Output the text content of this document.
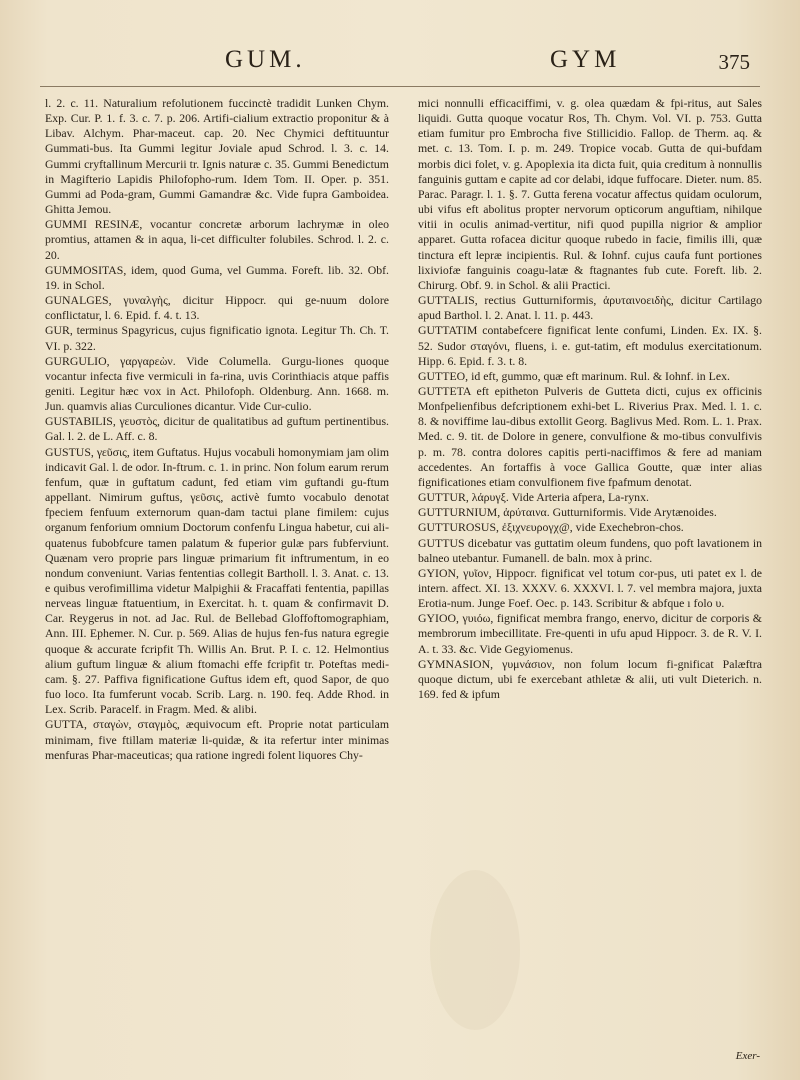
GUM.	GYM	375

l. 2. c. 11. Naturalium refolutionem fuccinctè tradidit Lunken Chym. Exp. Cur. P. 1. f. 3. c. 7. p. 206. Artifi-cialium extractio proponitur & à Libav. Alchym. Phar-maceut. cap. 20. Nec Chymici deftituuntur Gummati-bus. Ita Gummi legitur Joviale apud Schrod. l. 3. c. 14. Gummi cryftallinum Mercurii tr. Ignis naturæ c. 35. Gummi Benedictum in Magifterio Lapidis Philofopho-rum. Idem Tom. II. Oper. p. 351. Gummi ad Poda-gram, Gummi Gamandræ &c. Vide fupra Gamboidea. Ghitta Jemou.

GUMMI RESINÆ, vocantur concretæ arborum lachrymæ in oleo promtius, attamen & in aqua, li-cet difficulter folubiles. Schrod. l. 2. c. 20.

GUMMOSITAS, idem, quod Guma, vel Gumma. Foreft. lib. 32. Obf. 19. in Schol.

GUNALGES, γυναλγὴς, dicitur Hippocr. qui ge-nuum dolore conflictatur, l. 6. Epid. f. 4. t. 13.

GUR, terminus Spagyricus, cujus fignificatio ignota. Legitur Th. Ch. T. VI. p. 322.

GURGULIO, γαργαρεὼν. Vide Columella. Gurgu-liones quoque vocantur infecta five vermiculi in fa-rina, uvis Corinthiacis atque paffis geniti. Legitur hæc vox in Act. Philofoph. Oldenburg. Ann. 1668. m. Jun. quamvis alias Curculiones dicantur. Vide Cur-culio.

GUSTABILIS, γευστὸς, dicitur de qualitatibus ad guftum pertinentibus. Gal. l. 2. de L. Aff. c. 8.

GUSTUS, γεῦσις, item Guftatus. Hujus vocabuli homonymiam jam olim indicavit Gal. l. de odor. In-ftrum. c. 1. in princ. Non folum earum rerum fenfum, quæ in guftatum cadunt, fed etiam vim guftandi gu-ftum appellant. Nimirum guftus, γεῦσις, activè fumto vocabulo denotat fpeciem fenfuum externorum quan-dam tactui plane fimilem: cujus organum fenforium omnium Doctorum confenfu Lingua habetur, cui ali-quatenus fubobfcure tamen palatum & fuperior gulæ pars fubferviunt. Quænam vero proprie pars linguæ primarium fit inftrumentum, in eo nondum conveniunt. Varias fententias collegit Bartholl. l. 3. Anat. c. 13. e quibus verofimillima videtur Malpighii & Fracaffati fententia, papillas nerveas linguæ ftatuentium, in Exercitat. h. t. quam & confirmavit D. Car. Reygerus in not. ad Jac. Rul. de Bellebad Gloffoftomographiam, Ann. III. Ephemer. N. Cur. p. 569. Alias de hujus fen-fus natura egregie quoque & accurate fcripfit Th. Willis An. Brut. P. I. c. 12. Helmontius alium guftum linguæ & alium ftomachi effe fcripfit tr. Poteftas medi-cam. §. 27. Paffiva fignificatione Guftus idem eft, quod Sapor, de quo fuo loco. Ita fumferunt vocab. Scrib. Larg. n. 190. feq. Adde Rhod. in Lex. Scrib. Paracelf. in Fragm. Med. & alibi.

GUTTA, σταγὼν, σταγμὸς, æquivocum eft. Proprie notat particulam minimam, five ftillam materiæ li-quidæ, & ita refertur inter minimas menfuras Phar-maceuticas; qua ratione ingredi folent liquores Chy-

mici nonnulli efficaciffimi, v. g. olea quædam & fpi-ritus, aut Sales liquidi. Gutta quoque vocatur Ros, Th. Chym. Vol. VI. p. 753. Gutta etiam fumitur pro Embrocha five Stillicidio. Fallop. de Therm. aq. & met. c. 13. Tom. I. p. m. 249. Tropice vocab. Gutta de qui-bufdam morbis dici folet, v. g. Apoplexia ita dicta fuit, quia creditum à nonnullis fanguinis guttam e capite ad cor delabi, idque fuffocare. Dieter. num. 85. Parac. Paragr. l. 1. §. 7. Gutta ferena vocatur affectus quidam oculorum, ubi vifus eft abolitus propter nervorum opticorum anguftiam, nihilque vitii in oculis animad-vertitur, nifi quod pupilla nigrior & amplior apparet. Gutta rofacea dicitur quoque rubedo in facie, fimilis illi, quæ tinctura eft lepræ incipientis. Rul. & Iohnf. cujus caufa funt portiones lixiviofæ fanguinis coagu-latæ & ftagnantes fub cute. Foreft. lib. 2. Chirurg. Obf. 9. in Schol. & alii Practici.

GUTTALIS, rectius Gutturniformis, ἀρυταινοειδὴς, dicitur Cartilago apud Barthol. l. 2. Anat. l. 11. p. 443.

GUTTATIM contabefcere fignificat lente confumi, Linden. Ex. IX. §. 52. Sudor σταγόνι, fluens, i. e. gut-tatim, eft modulus exercitationum. Hipp. 6. Epid. f. 3. t. 8.

GUTTEO, id eft, gummo, quæ eft marinum. Rul. & Iohnf. in Lex.

GUTTETA eft epitheton Pulveris de Gutteta dicti, cujus ex officinis Monfpelienfibus defcriptionem exhi-bet L. Riverius Prax. Med. l. 1. c. 8. & noviffime lau-dibus extollit Georg. Baglivus Med. Rom. L. 1. Prax. Med. c. 9. tit. de Dolore in genere, convulfione & mo-tibus convulfivis p. m. 78. contra dolores capitis perti-naciffimos & fere ad maniam accedentes. An fortaffis à voce Gallica Goutte, quæ inter alias fignificationes etiam convulfionem five fpafmum denotat.

GUTTUR, λάρυγξ. Vide Arteria afpera, La-rynx.

GUTTURNIUM, ἀρύταινα. Gutturniformis. Vide Arytænoides.

GUTTUROSUS, ἐξιχνευρογχ@, vide Exechebron-chos.

GUTTUS dicebatur vas guttatim oleum fundens, quo poft lavationem in balneo utebantur. Fumanell. de baln. mox à princ.

GYION, γυῖον, Hippocr. fignificat vel totum cor-pus, uti patet ex l. de intern. affect. XI. 13. XXXV. 6. XXXVI. l. 7. vel membra majora, juxta Erotia-num. Junge Foef. Oec. p. 143. Scribitur & abfque ı folo υ.

GYIOO, γυιόω, fignificat membra frango, enervo, dicitur de corporis & membrorum imbecillitate. Fre-quenti in ufu apud Hippocr. 3. de R. V. I. A. t. 33. &c. Vide Gegyiomenus.

GYMNASION, γυμνάσιον, non folum locum fi-gnificat Palæftra quoque dictum, ubi fe exercebant athletæ & alii, uti vult Dieterich. n. 169. fed & ipfum

Exer-
